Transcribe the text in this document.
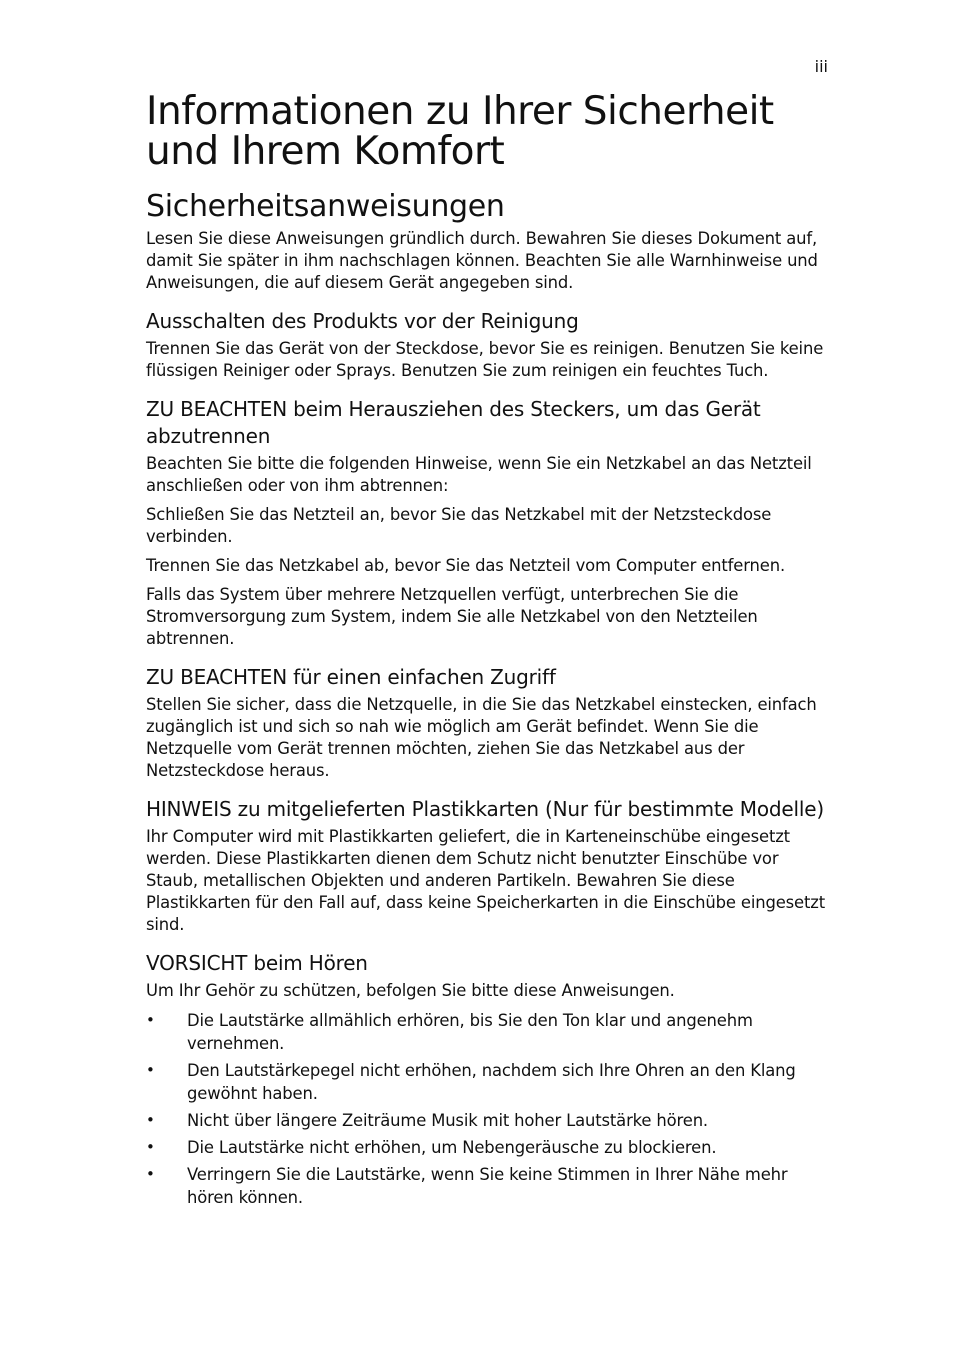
iii
Informationen zu Ihrer Sicherheit und Ihrem Komfort
Sicherheitsanweisungen

Lesen Sie diese Anweisungen gründlich durch. Bewahren Sie dieses Dokument auf, damit Sie später in ihm nachschlagen können. Beachten Sie alle Warnhinweise und Anweisungen, die auf diesem Gerät angegeben sind.

Ausschalten des Produkts vor der Reinigung

Trennen Sie das Gerät von der Steckdose, bevor Sie es reinigen. Benutzen Sie keine flüssigen Reiniger oder Sprays. Benutzen Sie zum reinigen ein feuchtes Tuch.

ZU BEACHTEN beim Herausziehen des Steckers, um das Gerät abzutrennen

Beachten Sie bitte die folgenden Hinweise, wenn Sie ein Netzkabel an das Netzteil anschließen oder von ihm abtrennen:

Schließen Sie das Netzteil an, bevor Sie das Netzkabel mit der Netzsteckdose verbinden.

Trennen Sie das Netzkabel ab, bevor Sie das Netzteil vom Computer entfernen.

Falls das System über mehrere Netzquellen verfügt, unterbrechen Sie die Stromversorgung zum System, indem Sie alle Netzkabel von den Netzteilen abtrennen.

ZU BEACHTEN für einen einfachen Zugriff

Stellen Sie sicher, dass die Netzquelle, in die Sie das Netzkabel einstecken, einfach zugänglich ist und sich so nah wie möglich am Gerät befindet. Wenn Sie die Netzquelle vom Gerät trennen möchten, ziehen Sie das Netzkabel aus der Netzsteckdose heraus.

HINWEIS zu mitgelieferten Plastikkarten (Nur für bestimmte Modelle)

Ihr Computer wird mit Plastikkarten geliefert, die in Karteneinschübe eingesetzt werden. Diese Plastikkarten dienen dem Schutz nicht benutzter Einschübe vor Staub, metallischen Objekten und anderen Partikeln. Bewahren Sie diese Plastikkarten für den Fall auf, dass keine Speicherkarten in die Einschübe eingesetzt sind.

VORSICHT beim Hören

Um Ihr Gehör zu schützen, befolgen Sie bitte diese Anweisungen.

• Die Lautstärke allmählich erhören, bis Sie den Ton klar und angenehm vernehmen.
• Den Lautstärkepegel nicht erhöhen, nachdem sich Ihre Ohren an den Klang gewöhnt haben.
• Nicht über längere Zeiträume Musik mit hoher Lautstärke hören.
• Die Lautstärke nicht erhöhen, um Nebengeräusche zu blockieren.
• Verringern Sie die Lautstärke, wenn Sie keine Stimmen in Ihrer Nähe mehr hören können.
